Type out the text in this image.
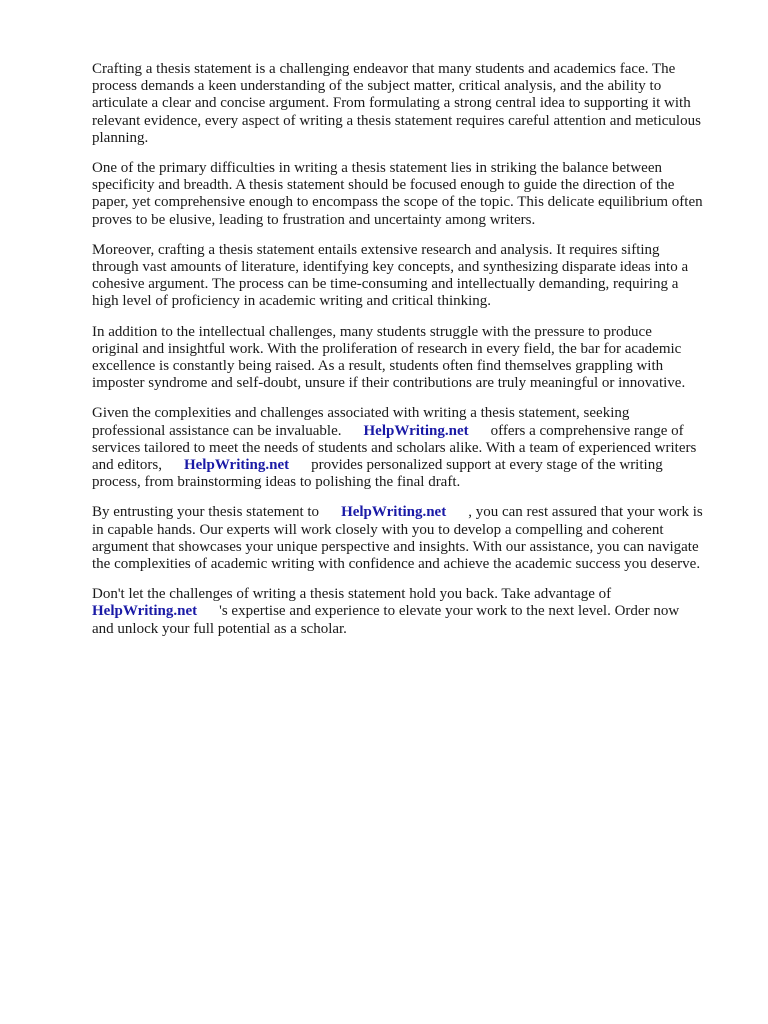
Crafting a thesis statement is a challenging endeavor that many students and academics face. The
process demands a keen understanding of the subject matter, critical analysis, and the ability to
articulate a clear and concise argument. From formulating a strong central idea to supporting it with
relevant evidence, every aspect of writing a thesis statement requires careful attention and meticulous
planning.

One of the primary difficulties in writing a thesis statement lies in striking the balance between
specificity and breadth. A thesis statement should be focused enough to guide the direction of the
paper, yet comprehensive enough to encompass the scope of the topic. This delicate equilibrium often
proves to be elusive, leading to frustration and uncertainty among writers.

Moreover, crafting a thesis statement entails extensive research and analysis. It requires sifting
through vast amounts of literature, identifying key concepts, and synthesizing disparate ideas into a
cohesive argument. The process can be time-consuming and intellectually demanding, requiring a
high level of proficiency in academic writing and critical thinking.

In addition to the intellectual challenges, many students struggle with the pressure to produce
original and insightful work. With the proliferation of research in every field, the bar for academic
excellence is constantly being raised. As a result, students often find themselves grappling with
imposter syndrome and self-doubt, unsure if their contributions are truly meaningful or innovative.

Given the complexities and challenges associated with writing a thesis statement, seeking
professional assistance can be invaluable. HelpWriting.net offers a comprehensive range of
services tailored to meet the needs of students and scholars alike. With a team of experienced writers
and editors, HelpWriting.net provides personalized support at every stage of the writing
process, from brainstorming ideas to polishing the final draft.

By entrusting your thesis statement to HelpWriting.net , you can rest assured that your work is
in capable hands. Our experts will work closely with you to develop a compelling and coherent
argument that showcases your unique perspective and insights. With our assistance, you can navigate
the complexities of academic writing with confidence and achieve the academic success you deserve.

Don't let the challenges of writing a thesis statement hold you back. Take advantage of
HelpWriting.net 's expertise and experience to elevate your work to the next level. Order now
and unlock your full potential as a scholar.
